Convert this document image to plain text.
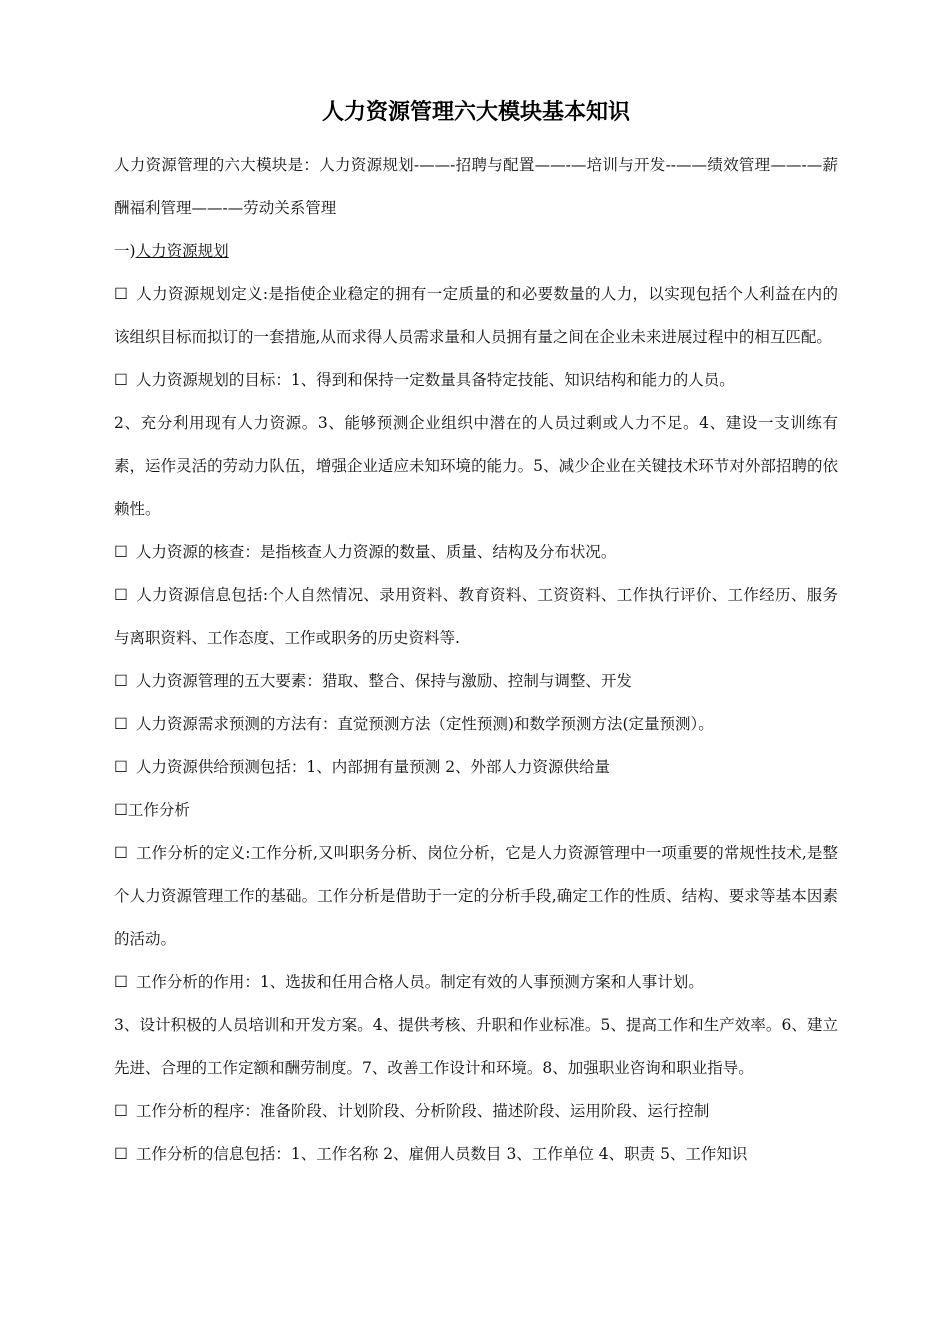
人力资源管理六大模块基本知识

人力资源管理的六大模块是：人力资源规划-——-招聘与配置——-—培训与开发--——绩效管理——-—薪酬福利管理——-—劳动关系管理

一)人力资源规划

☐ 人力资源规划定义:是指使企业稳定的拥有一定质量的和必要数量的人力，以实现包括个人利益在内的该组织目标而拟订的一套措施,从而求得人员需求量和人员拥有量之间在企业未来进展过程中的相互匹配。

☐ 人力资源规划的目标：1、得到和保持一定数量具备特定技能、知识结构和能力的人员。

2、充分利用现有人力资源。3、能够预测企业组织中潜在的人员过剩或人力不足。4、建设一支训练有素，运作灵活的劳动力队伍，增强企业适应未知环境的能力。5、减少企业在关键技术环节对外部招聘的依赖性。

☐ 人力资源的核查：是指核查人力资源的数量、质量、结构及分布状况。

☐ 人力资源信息包括:个人自然情况、录用资料、教育资料、工资资料、工作执行评价、工作经历、服务与离职资料、工作态度、工作或职务的历史资料等.

☐ 人力资源管理的五大要素：猎取、整合、保持与激励、控制与调整、开发

☐ 人力资源需求预测的方法有：直觉预测方法（定性预测)和数学预测方法(定量预测）。

☐ 人力资源供给预测包括：1、内部拥有量预测 2、外部人力资源供给量

☐工作分析

☐ 工作分析的定义:工作分析,又叫职务分析、岗位分析，它是人力资源管理中一项重要的常规性技术,是整个人力资源管理工作的基础。工作分析是借助于一定的分析手段,确定工作的性质、结构、要求等基本因素的活动。

☐ 工作分析的作用：1、选拔和任用合格人员。制定有效的人事预测方案和人事计划。

3、设计积极的人员培训和开发方案。4、提供考核、升职和作业标准。5、提高工作和生产效率。6、建立先进、合理的工作定额和酬劳制度。7、改善工作设计和环境。8、加强职业咨询和职业指导。

☐ 工作分析的程序：准备阶段、计划阶段、分析阶段、描述阶段、运用阶段、运行控制

☐ 工作分析的信息包括：1、工作名称 2、雇佣人员数目 3、工作单位 4、职责 5、工作知识
